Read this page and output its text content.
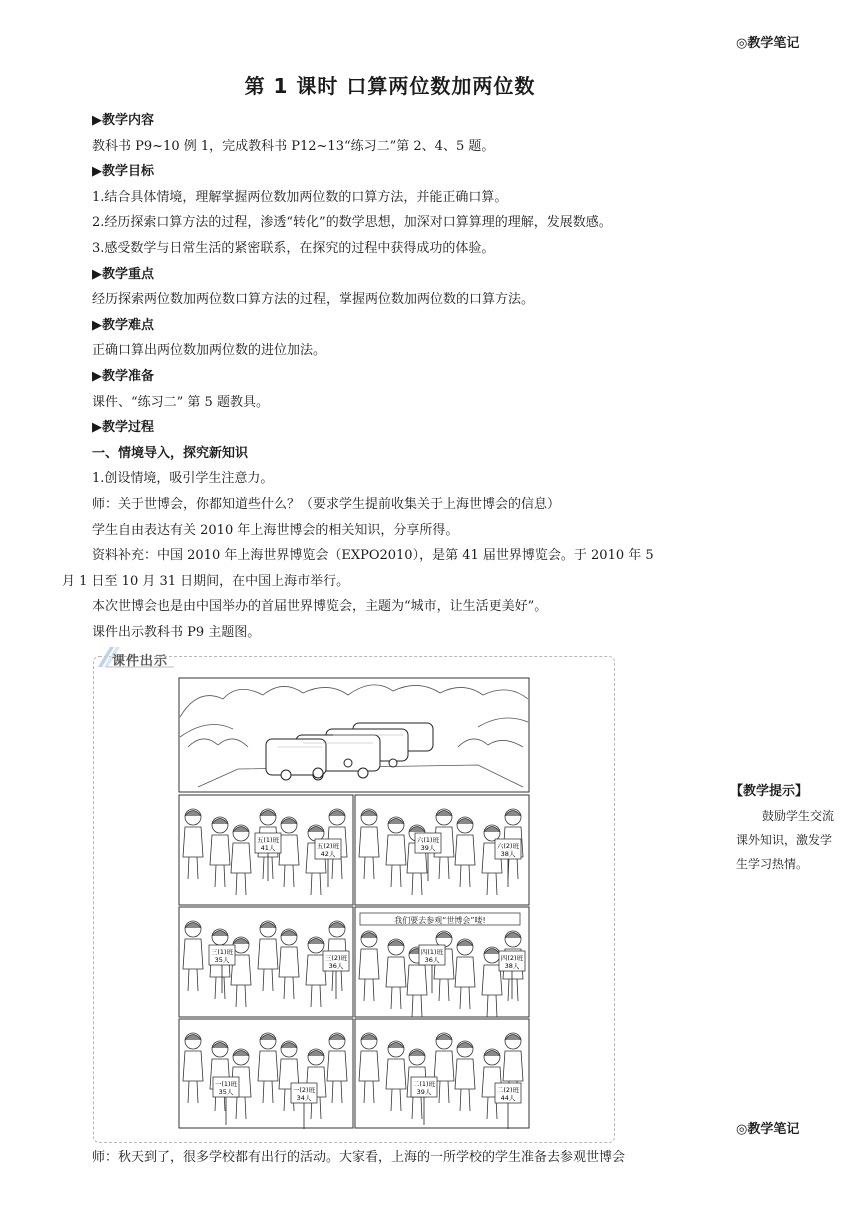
◎教学笔记
第 1 课时 口算两位数加两位数
▶教学内容
教科书 P9~10 例 1，完成教科书 P12~13“练习二”第 2、4、5 题。
▶教学目标
1.结合具体情境，理解掌握两位数加两位数的口算方法，并能正确口算。
2.经历探索口算方法的过程，渗透“转化”的数学思想，加深对口算算理的理解，发展数感。
3.感受数学与日常生活的紧密联系，在探究的过程中获得成功的体验。
▶教学重点
经历探索两位数加两位数口算方法的过程，掌握两位数加两位数的口算方法。
▶教学难点
正确口算出两位数加两位数的进位加法。
▶教学准备
课件、“练习二” 第 5 题教具。
▶教学过程
一、情境导入，探究新知识
1.创设情境，吸引学生注意力。
师：关于世博会，你都知道些什么？（要求学生提前收集关于上海世博会的信息）
学生自由表达有关 2010 年上海世博会的相关知识，分享所得。
资料补充：中国 2010 年上海世界博览会（EXPO2010），是第 41 届世界博览会。于 2010 年 5
月 1 日至 10 月 31 日期间，在中国上海市举行。
本次世博会也是由中国举办的首届世界博览会，主题为“城市，让生活更美好”。
课件出示教科书 P9 主题图。
课件出示
我们要去参观“世博会”喽!
五(1)班
41人	五(2)班
42人
六(1)班
39人	六(2)班
38人
三(1)班
35人	三(2)班
36人
四(1)班
36人	四(2)班
38人
一(1)班
35人	一(2)班
34人
二(1)班
39人	二(2)班
44人
【教学提示】
鼓励学生交流课外知识，激发学生学习热情。
◎教学笔记
师：秋天到了，很多学校都有出行的活动。大家看，上海的一所学校的学生准备去参观世博会
